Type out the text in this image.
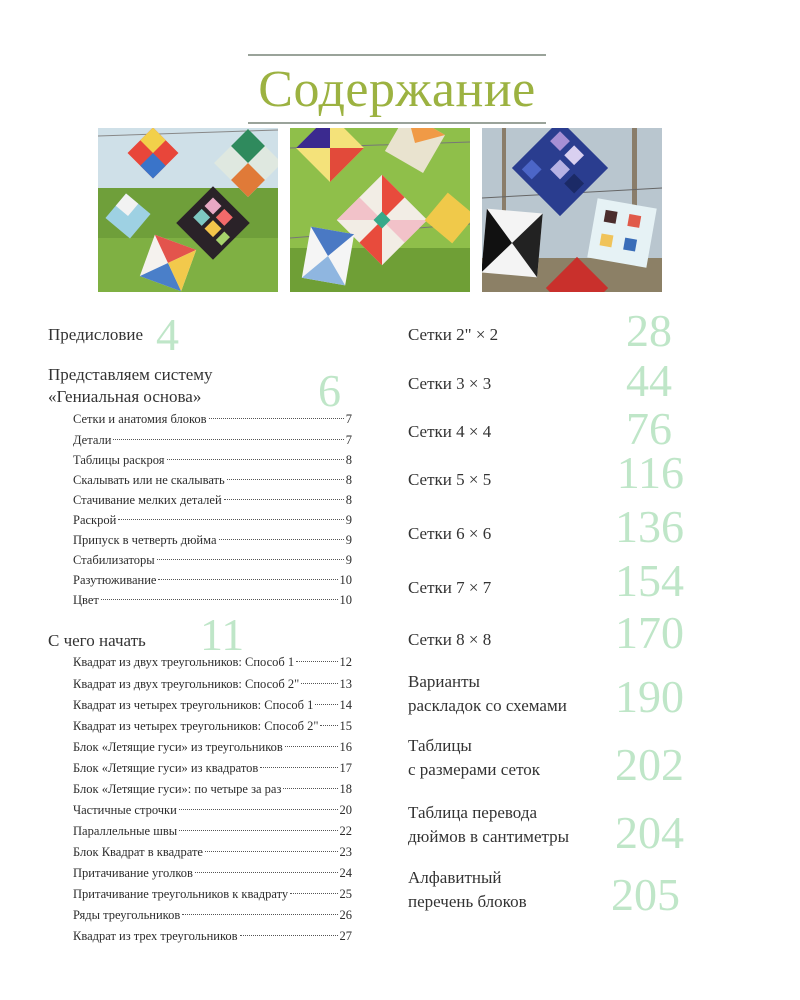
Содержание
Предисловие 4
Представляем систему
«Гениальная основа»	6
Сетки и анатомия блоков	7
Детали	7
Таблицы раскроя	8
Скалывать или не скалывать	8
Стачивание мелких деталей	8
Раскрой	9
Припуск в четверть дюйма	9
Стабилизаторы	9
Разутюживание	10
Цвет	10
С чего начать 11
Квадрат из двух треугольников: Способ 1	12
Квадрат из двух треугольников: Способ 2"	13
Квадрат из четырех треугольников: Способ 1 14
Квадрат из четырех треугольников: Способ 2" 15
Блок «Летящие гуси» из треугольников	16
Блок «Летящие гуси» из квадратов	17
Блок «Летящие гуси»: по четыре за раз	18
Частичные строчки	20
Параллельные швы	22
Блок Квадрат в квадрате	23
Притачивание уголков	24
Притачивание треугольников к квадрату	25
Ряды треугольников	26
Квадрат из трех треугольников	27
Сетки 2" × 2	28
Сетки 3 × 3	44
Сетки 4 × 4	76
Сетки 5 × 5	116
Сетки 6 × 6	136
Сетки 7 × 7	154
Сетки 8 × 8	170
Варианты
раскладок со схемами	190
Таблицы
с размерами сеток	202
Таблица перевода
дюймов в сантиметры 204
Алфавитный
перечень блоков	205
